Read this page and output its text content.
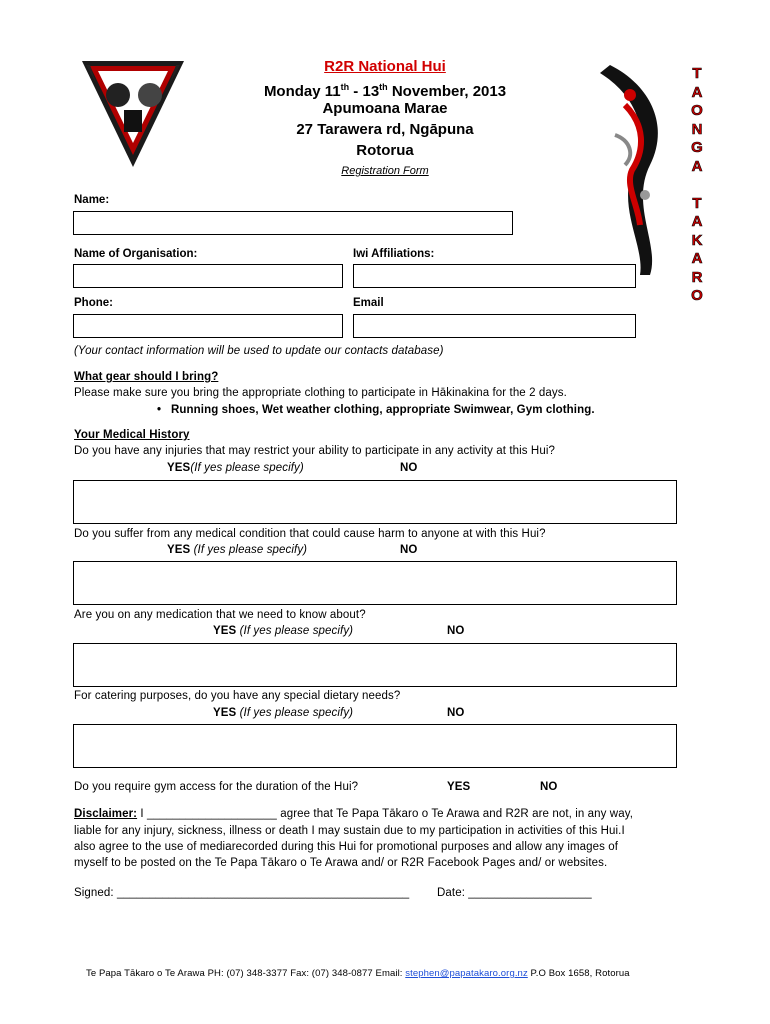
R2R National Hui
Monday 11th - 13th November, 2013
Apumoana Marae
27 Tarawera rd, Ngāpuna
Rotorua
Registration Form
T
A
O
N
G
A

T
A
K
A
R
O
Name:
Name of Organisation:	Iwi Affiliations:
Phone:	Email
(Your contact information will be used to update our contacts database)
What gear should I bring?
Please make sure you bring the appropriate clothing to participate in Hākinakina for the 2 days.
• Running shoes, Wet weather clothing, appropriate Swimwear, Gym clothing.
Your Medical History
Do you have any injuries that may restrict your ability to participate in any activity at this Hui?
YES(If yes please specify)	NO
Do you suffer from any medical condition that could cause harm to anyone at with this Hui?
YES (If yes please specify)	NO
Are you on any medication that we need to know about?
YES (If yes please specify)	NO
For catering purposes, do you have any special dietary needs?
YES (If yes please specify)	NO
Do you require gym access for the duration of the Hui?	YES	NO
Disclaimer: I ____________________ agree that Te Papa Tākaro o Te Arawa and R2R are not, in any way,
liable for any injury, sickness, illness or death I may sustain due to my participation in activities of this Hui.I
also agree to the use of mediarecorded during this Hui for promotional purposes and allow any images of
myself to be posted on the Te Papa Tākaro o Te Arawa and/ or R2R Facebook Pages and/ or websites.
Signed: _____________________________________________ Date: ___________________
Te Papa Tākaro o Te Arawa PH: (07) 348-3377 Fax: (07) 348-0877 Email: stephen@papatakaro.org.nz P.O Box 1658, Rotorua
